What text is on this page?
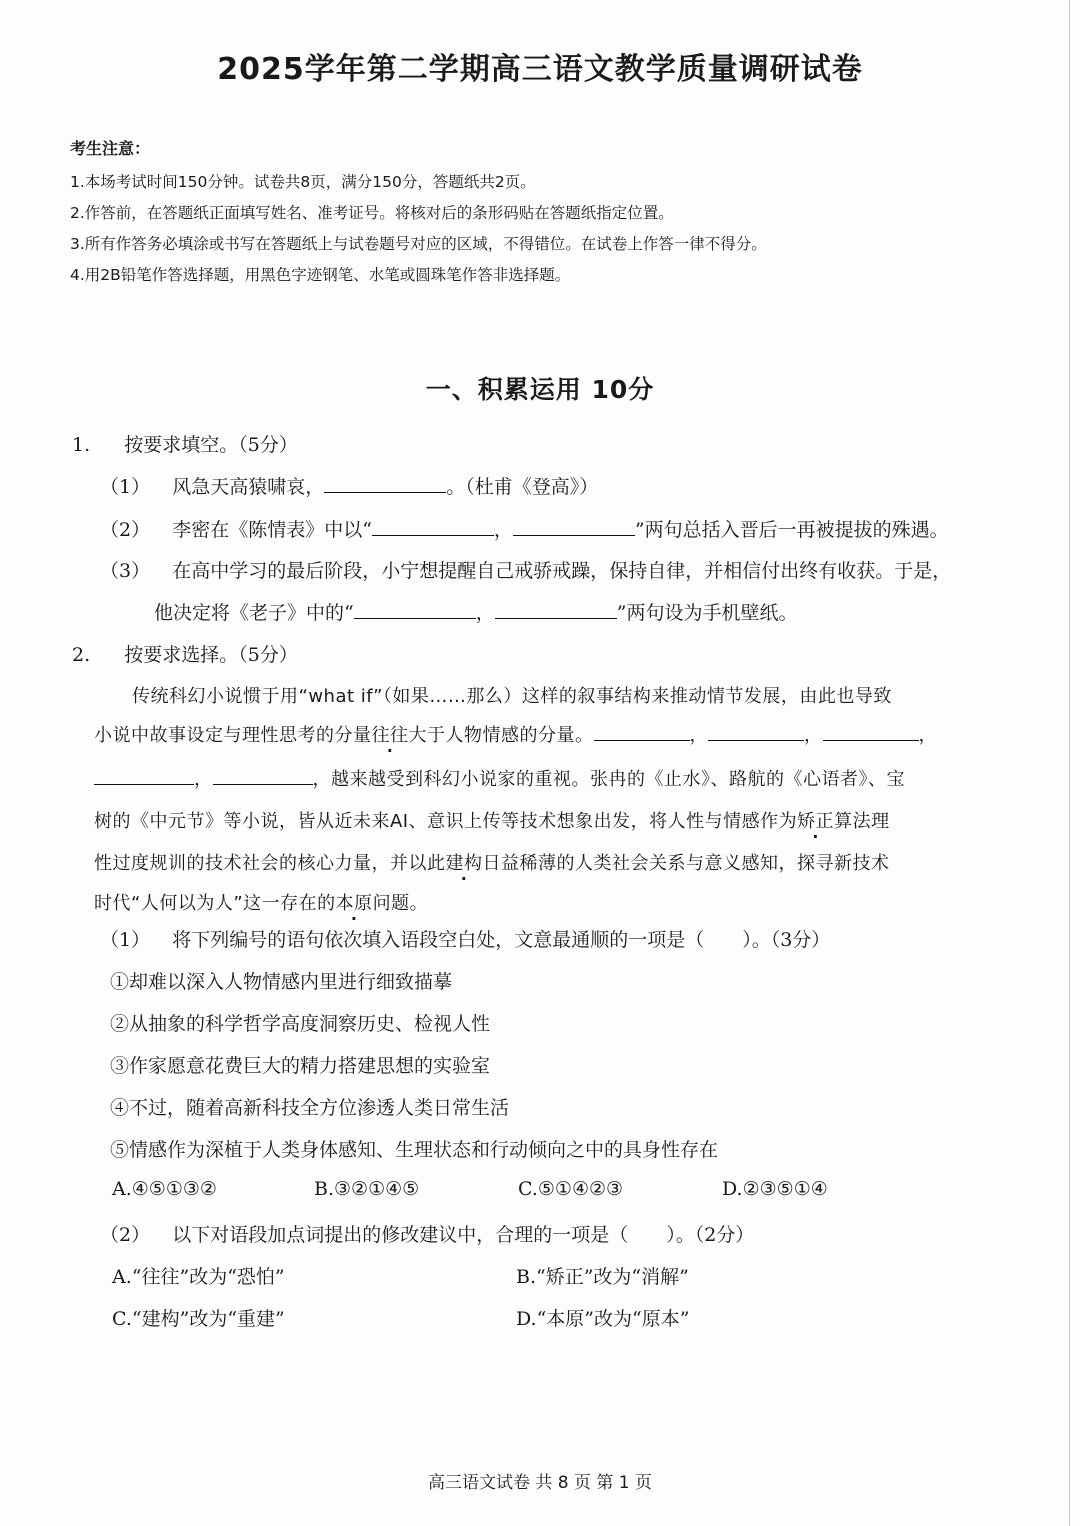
2025学年第二学期高三语文教学质量调研试卷
考生注意：
1.本场考试时间150分钟。试卷共8页，满分150分，答题纸共2页。
2.作答前，在答题纸正面填写姓名、准考证号。将核对后的条形码贴在答题纸指定位置。
3.所有作答务必填涂或书写在答题纸上与试卷题号对应的区域，不得错位。在试卷上作答一律不得分。
4.用2B铅笔作答选择题，用黑色字迹钢笔、水笔或圆珠笔作答非选择题。
一、积累运用 10分
1. 按要求填空。（5分）
（1） 风急天高猿啸哀，	。（杜甫《登高》）
（2） 李密在《陈情表》中以“	，	”两句总括入晋后一再被提拔的殊遇。
（3） 在高中学习的最后阶段，小宁想提醒自己戒骄戒躁，保持自律，并相信付出终有收获。于是，
他决定将《老子》中的“	，	”两句设为手机壁纸。
2. 按要求选择。（5分）
传统科幻小说惯于用“what if”（如果……那么）这样的叙事结构来推动情节发展，由此也导致
小说中故事设定与理性思考的分量往往大于人物情感的分量。	，	，	，
，	，越来越受到科幻小说家的重视。张冉的《止水》、路航的《心语者》、宝
树的《中元节》等小说，皆从近未来AI、意识上传等技术想象出发，将人性与情感作为矫正算法理
性过度规训的技术社会的核心力量，并以此建构日益稀薄的人类社会关系与意义感知，探寻新技术
时代“人何以为人”这一存在的本原问题。
（1） 将下列编号的语句依次填入语段空白处，文意最通顺的一项是（　　）。（3分）
①却难以深入人物情感内里进行细致描摹
②从抽象的科学哲学高度洞察历史、检视人性
③作家愿意花费巨大的精力搭建思想的实验室
④不过，随着高新科技全方位渗透人类日常生活
⑤情感作为深植于人类身体感知、生理状态和行动倾向之中的具身性存在
A.④⑤①③②	B.③②①④⑤	C.⑤①④②③	D.②③⑤①④
（2） 以下对语段加点词提出的修改建议中，合理的一项是（　　）。（2分）
A.“往往”改为“恐怕”	B.“矫正”改为“消解”
C.“建构”改为“重建”	D.“本原”改为“原本”
高三语文试卷 共 8 页 第 1 页
